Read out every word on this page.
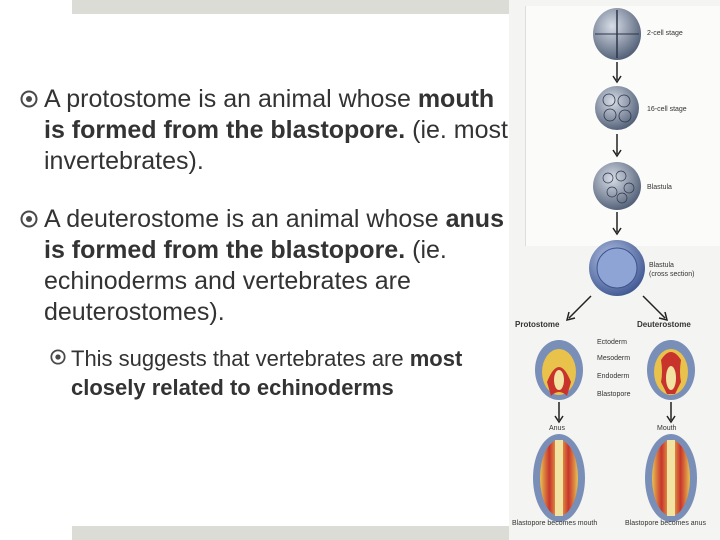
A protostome is an animal whose mouth is formed from the blastopore. (ie. most invertebrates).
A deuterostome is an animal whose anus is formed from the blastopore. (ie. echinoderms and vertebrates are deuterostomes).
This suggests that vertebrates are most closely related to echinoderms
2-cell stage
16-cell stage
Blastula
Blastula
(cross section)
Protostome	Deuterostome
Ectoderm
Mesoderm
Endoderm
Blastopore
Anus	Mouth
Blastopore becomes mouth	Blastopore becomes anus
